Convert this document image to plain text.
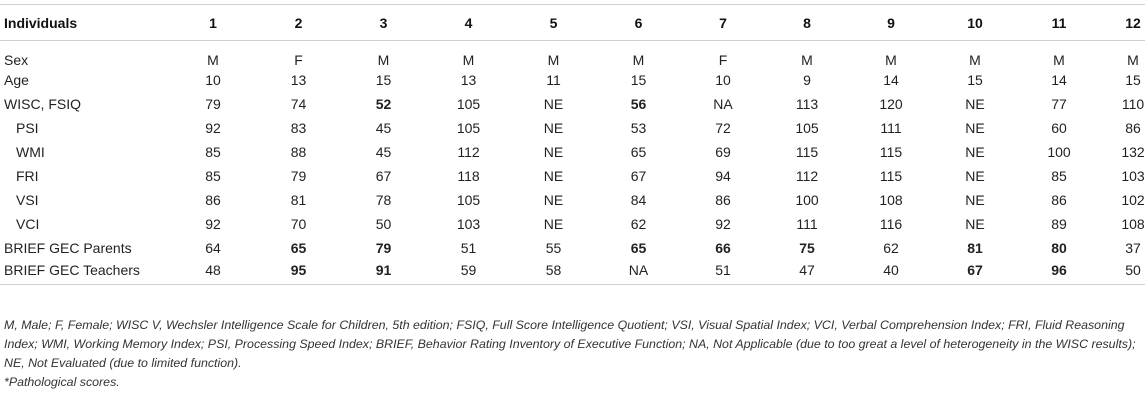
Individuals	1	2	3	4	5	6	7	8	9	10	11	12
Sex	M	F	M	M	M	M	F	M	M	M	M	M
Age	10	13	15	13	11	15	10	9	14	15	14	15
WISC, FSIQ	79	74	52	105	NE	56	NA	113	120	NE	77	110
PSI	92	83	45	105	NE	53	72	105	111	NE	60	86
WMI	85	88	45	112	NE	65	69	115	115	NE	100	132
FRI	85	79	67	118	NE	67	94	112	115	NE	85	103
VSI	86	81	78	105	NE	84	86	100	108	NE	86	102
VCI	92	70	50	103	NE	62	92	111	116	NE	89	108
BRIEF GEC Parents	64	65	79	51	55	65	66	75	62	81	80	37
BRIEF GEC Teachers	48	95	91	59	58	NA	51	47	40	67	96	50

M, Male; F, Female; WISC V, Wechsler Intelligence Scale for Children, 5th edition; FSIQ, Full Score Intelligence Quotient; VSI, Visual Spatial Index; VCI, Verbal Comprehension Index; FRI, Fluid Reasoning Index; WMI, Working Memory Index; PSI, Processing Speed Index; BRIEF, Behavior Rating Inventory of Executive Function; NA, Not Applicable (due to too great a level of heterogeneity in the WISC results); NE, Not Evaluated (due to limited function).

*Pathological scores.
